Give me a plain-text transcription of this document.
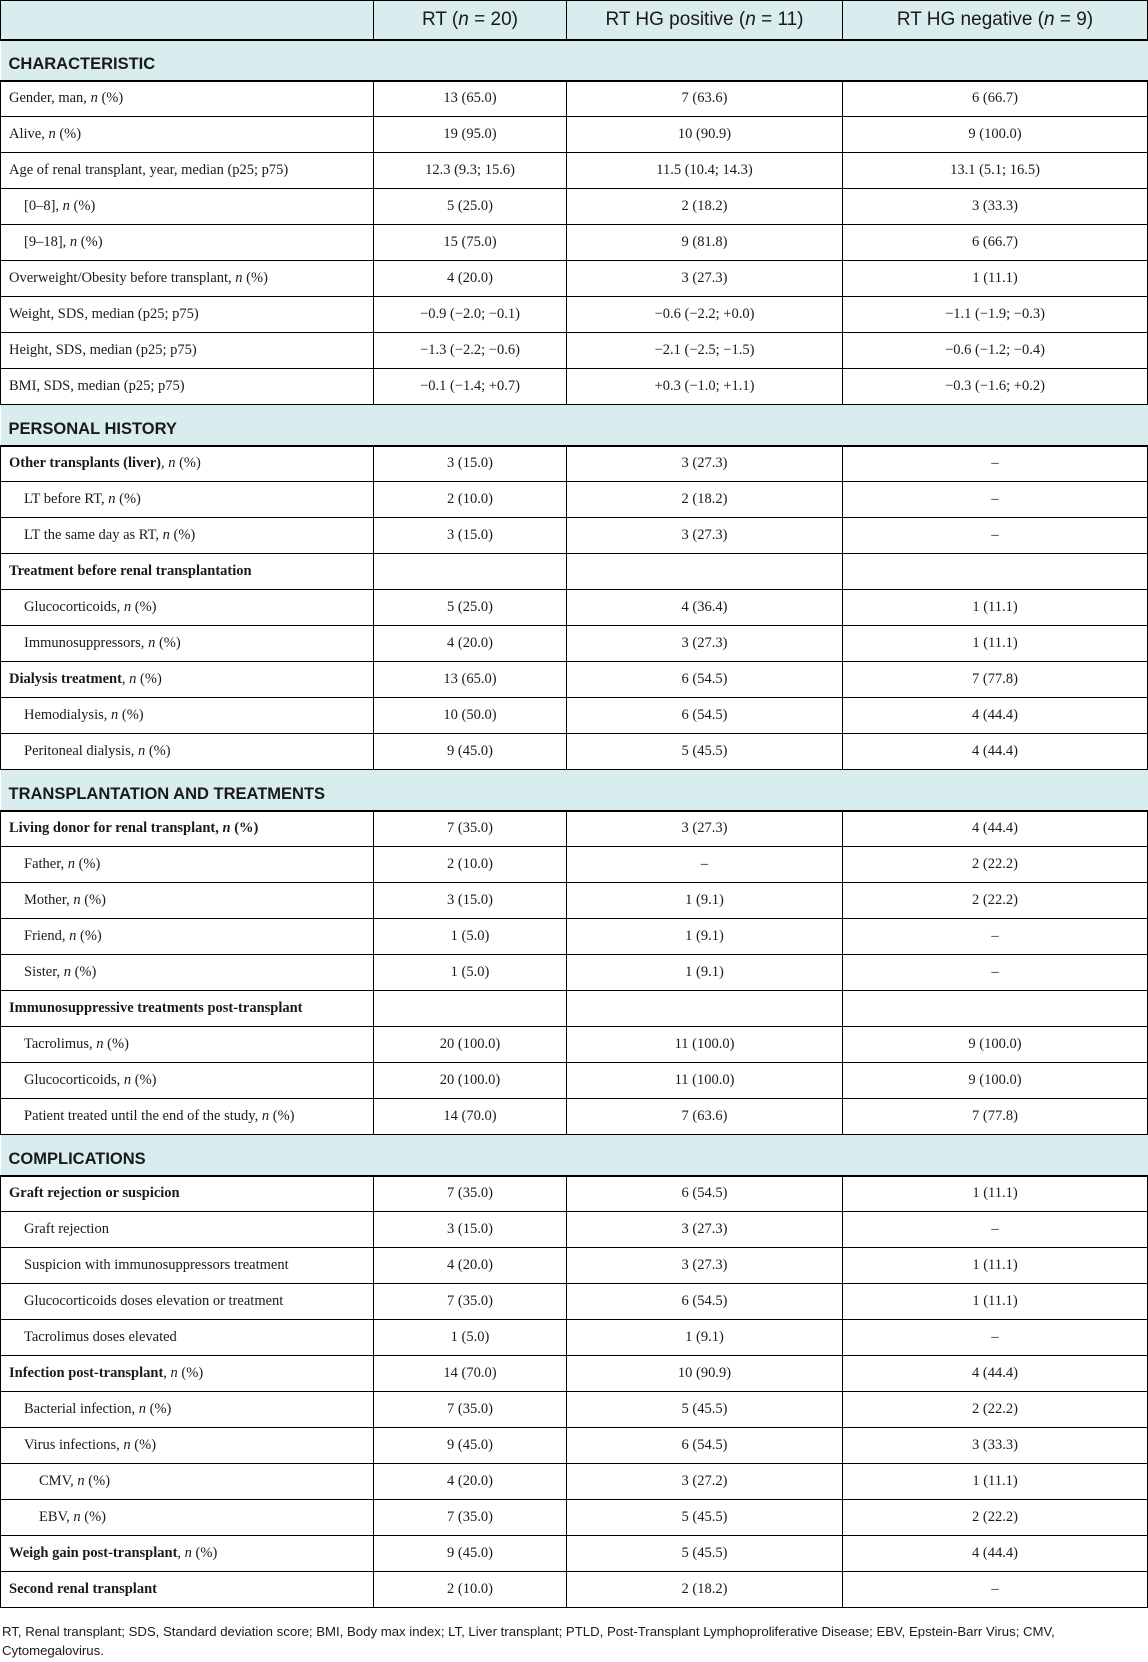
	RT (n = 20)	RT HG positive (n = 11)	RT HG negative (n = 9)
CHARACTERISTIC			
Gender, man, n (%)	13 (65.0)	7 (63.6)	6 (66.7)
Alive, n (%)	19 (95.0)	10 (90.9)	9 (100.0)
Age of renal transplant, year, median (p25; p75)	12.3 (9.3; 15.6)	11.5 (10.4; 14.3)	13.1 (5.1; 16.5)
[0–8], n (%)	5 (25.0)	2 (18.2)	3 (33.3)
[9–18], n (%)	15 (75.0)	9 (81.8)	6 (66.7)
Overweight/Obesity before transplant, n (%)	4 (20.0)	3 (27.3)	1 (11.1)
Weight, SDS, median (p25; p75)	−0.9 (−2.0; −0.1)	−0.6 (−2.2; +0.0)	−1.1 (−1.9; −0.3)
Height, SDS, median (p25; p75)	−1.3 (−2.2; −0.6)	−2.1 (−2.5; −1.5)	−0.6 (−1.2; −0.4)
BMI, SDS, median (p25; p75)	−0.1 (−1.4; +0.7)	+0.3 (−1.0; +1.1)	−0.3 (−1.6; +0.2)
PERSONAL HISTORY			
Other transplants (liver), n (%)	3 (15.0)	3 (27.3)	–
LT before RT, n (%)	2 (10.0)	2 (18.2)	–
LT the same day as RT, n (%)	3 (15.0)	3 (27.3)	–
Treatment before renal transplantation			
Glucocorticoids, n (%)	5 (25.0)	4 (36.4)	1 (11.1)
Immunosuppressors, n (%)	4 (20.0)	3 (27.3)	1 (11.1)
Dialysis treatment, n (%)	13 (65.0)	6 (54.5)	7 (77.8)
Hemodialysis, n (%)	10 (50.0)	6 (54.5)	4 (44.4)
Peritoneal dialysis, n (%)	9 (45.0)	5 (45.5)	4 (44.4)
TRANSPLANTATION AND TREATMENTS			
Living donor for renal transplant, n (%)	7 (35.0)	3 (27.3)	4 (44.4)
Father, n (%)	2 (10.0)	–	2 (22.2)
Mother, n (%)	3 (15.0)	1 (9.1)	2 (22.2)
Friend, n (%)	1 (5.0)	1 (9.1)	–
Sister, n (%)	1 (5.0)	1 (9.1)	–
Immunosuppressive treatments post-transplant			
Tacrolimus, n (%)	20 (100.0)	11 (100.0)	9 (100.0)
Glucocorticoids, n (%)	20 (100.0)	11 (100.0)	9 (100.0)
Patient treated until the end of the study, n (%)	14 (70.0)	7 (63.6)	7 (77.8)
COMPLICATIONS			
Graft rejection or suspicion	7 (35.0)	6 (54.5)	1 (11.1)
Graft rejection	3 (15.0)	3 (27.3)	–
Suspicion with immunosuppressors treatment	4 (20.0)	3 (27.3)	1 (11.1)
Glucocorticoids doses elevation or treatment	7 (35.0)	6 (54.5)	1 (11.1)
Tacrolimus doses elevated	1 (5.0)	1 (9.1)	–
Infection post-transplant, n (%)	14 (70.0)	10 (90.9)	4 (44.4)
Bacterial infection, n (%)	7 (35.0)	5 (45.5)	2 (22.2)
Virus infections, n (%)	9 (45.0)	6 (54.5)	3 (33.3)
CMV, n (%)	4 (20.0)	3 (27.2)	1 (11.1)
EBV, n (%)	7 (35.0)	5 (45.5)	2 (22.2)
Weigh gain post-transplant, n (%)	9 (45.0)	5 (45.5)	4 (44.4)
Second renal transplant	2 (10.0)	2 (18.2)	–
RT, Renal transplant; SDS, Standard deviation score; BMI, Body max index; LT, Liver transplant; PTLD, Post-Transplant Lymphoproliferative Disease; EBV, Epstein-Barr Virus; CMV, Cytomegalovirus.
